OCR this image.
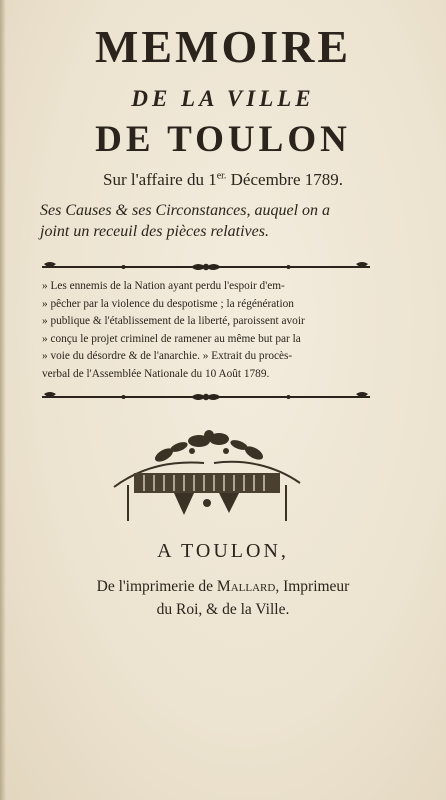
MEMOIRE
DE LA VILLE
DE TOULON
Sur l'affaire du $1^{er.}$ Décembre 1789.
Ses Causes & ses Circonstances, auquel on a
joint un receuil des pièces relatives.
» Les ennemis de la Nation ayant perdu l'espoir d'em-
» pêcher par la violence du despotisme ; la régénération
» publique & l'établissement de la liberté, paroissent avoir
» conçu le projet criminel de ramener au même but par la
» voie du désordre & de l'anarchie. » Extrait du procès-
verbal de l'Assemblée Nationale du 10 Août 1789.
A TOULON,
De l'imprimerie de Mallard, Imprimeur
du Roi, & de la Ville.
